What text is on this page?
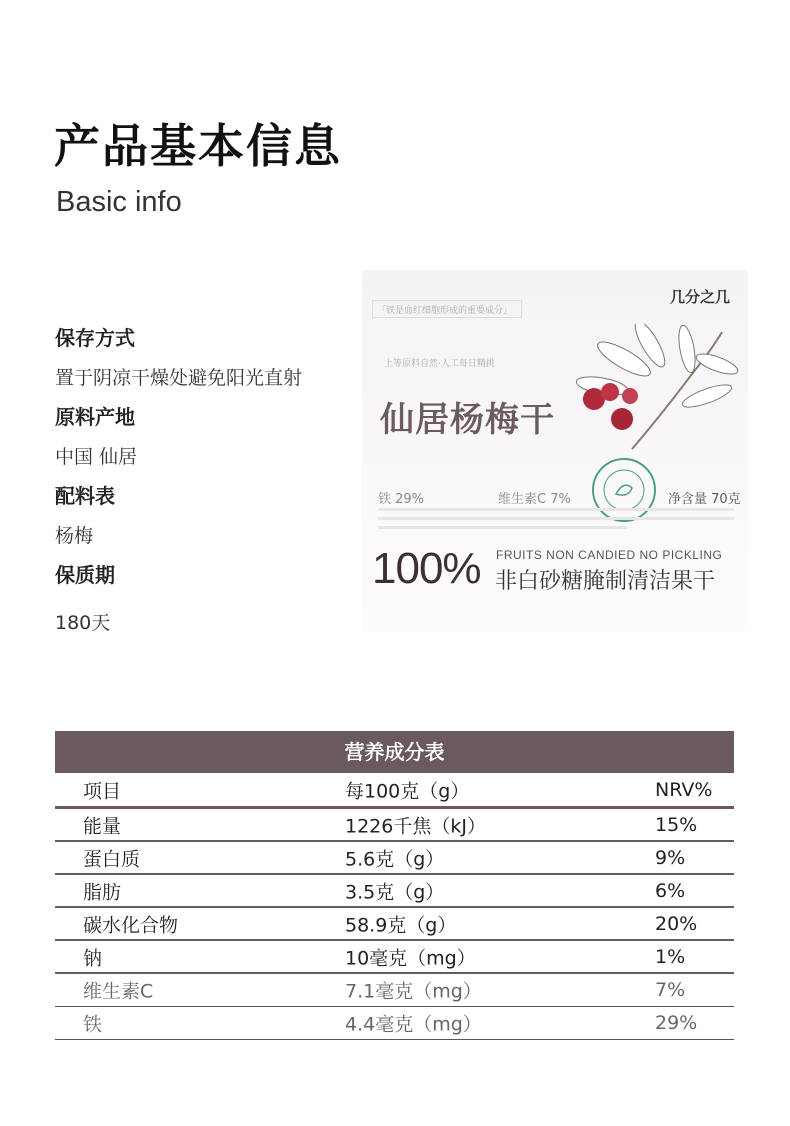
产品基本信息
Basic info
保存方式
置于阴凉干燥处避免阳光直射
原料产地
中国 仙居
配料表
杨梅
保质期
180天
「铁是血红细胞形成的重要成分」
几分之几
上等原料自然·人工每日精挑
仙居杨梅干
铁 29%	维生素C 7%	净含量 70克
100% FRUITS NON CANDIED NO PICKLING
非白砂糖腌制清洁果干
营养成分表
项目	每100克（g）	NRV%
能量	1226千焦（kJ）	15%
蛋白质	5.6克（g）	9%
脂肪	3.5克（g）	6%
碳水化合物	58.9克（g）	20%
钠	10毫克（mg）	1%
维生素C	7.1毫克（mg）	7%
铁	4.4毫克（mg）	29%
